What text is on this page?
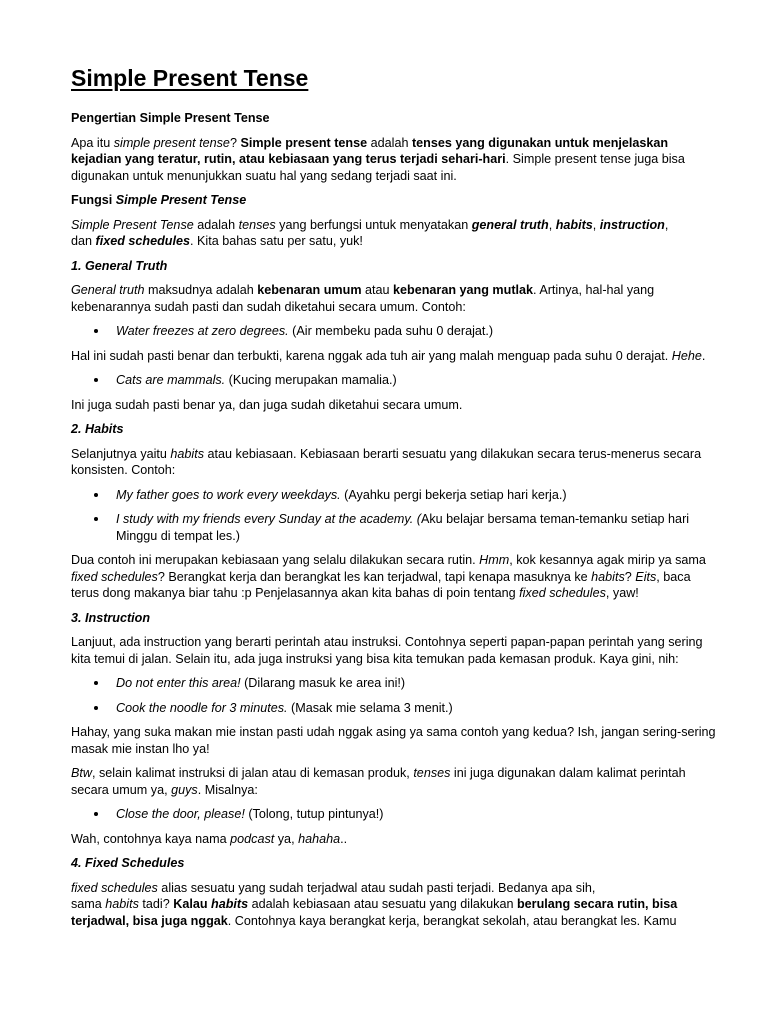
Simple Present Tense

Pengertian Simple Present Tense

Apa itu simple present tense? Simple present tense adalah tenses yang digunakan untuk menjelaskan kejadian yang teratur, rutin, atau kebiasaan yang terus terjadi sehari-hari. Simple present tense juga bisa digunakan untuk menunjukkan suatu hal yang sedang terjadi saat ini.

Fungsi Simple Present Tense

Simple Present Tense adalah tenses yang berfungsi untuk menyatakan general truth, habits, instruction,
dan fixed schedules. Kita bahas satu per satu, yuk!

1. General Truth

General truth maksudnya adalah kebenaran umum atau kebenaran yang mutlak. Artinya, hal-hal yang kebenarannya sudah pasti dan sudah diketahui secara umum. Contoh:

Water freezes at zero degrees. (Air membeku pada suhu 0 derajat.)

Hal ini sudah pasti benar dan terbukti, karena nggak ada tuh air yang malah menguap pada suhu 0 derajat. Hehe.

Cats are mammals. (Kucing merupakan mamalia.)

Ini juga sudah pasti benar ya, dan juga sudah diketahui secara umum.

2. Habits

Selanjutnya yaitu habits atau kebiasaan. Kebiasaan berarti sesuatu yang dilakukan secara terus-menerus secara konsisten. Contoh:

My father goes to work every weekdays. (Ayahku pergi bekerja setiap hari kerja.)
I study with my friends every Sunday at the academy. (Aku belajar bersama teman-temanku setiap hari Minggu di tempat les.)

Dua contoh ini merupakan kebiasaan yang selalu dilakukan secara rutin. Hmm, kok kesannya agak mirip ya sama fixed schedules? Berangkat kerja dan berangkat les kan terjadwal, tapi kenapa masuknya ke habits? Eits, baca terus dong makanya biar tahu :p Penjelasannya akan kita bahas di poin tentang fixed schedules, yaw!

3. Instruction

Lanjuut, ada instruction yang berarti perintah atau instruksi. Contohnya seperti papan-papan perintah yang sering kita temui di jalan. Selain itu, ada juga instruksi yang bisa kita temukan pada kemasan produk. Kaya gini, nih:

Do not enter this area! (Dilarang masuk ke area ini!)
Cook the noodle for 3 minutes. (Masak mie selama 3 menit.)

Hahay, yang suka makan mie instan pasti udah nggak asing ya sama contoh yang kedua? Ish, jangan sering-sering masak mie instan lho ya!

Btw, selain kalimat instruksi di jalan atau di kemasan produk, tenses ini juga digunakan dalam kalimat perintah secara umum ya, guys. Misalnya:

Close the door, please! (Tolong, tutup pintunya!)

Wah, contohnya kaya nama podcast ya, hahaha..

4. Fixed Schedules

fixed schedules alias sesuatu yang sudah terjadwal atau sudah pasti terjadi. Bedanya apa sih,
sama habits tadi? Kalau habits adalah kebiasaan atau sesuatu yang dilakukan berulang secara rutin, bisa terjadwal, bisa juga nggak. Contohnya kaya berangkat kerja, berangkat sekolah, atau berangkat les. Kamu
